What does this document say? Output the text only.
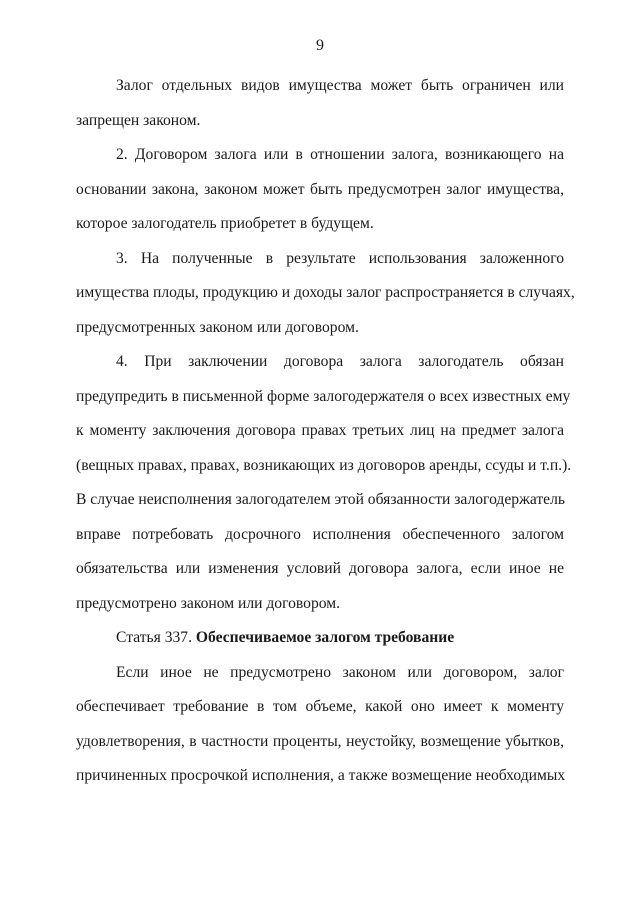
9
Залог отдельных видов имущества может быть ограничен или
запрещен законом.
2. Договором залога или в отношении залога, возникающего на
основании закона, законом может быть предусмотрен залог имущества,
которое залогодатель приобретет в будущем.
3. На полученные в результате использования заложенного
имущества плоды, продукцию и доходы залог распространяется в случаях,
предусмотренных законом или договором.
4. При заключении договора залога залогодатель обязан
предупредить в письменной форме залогодержателя о всех известных ему
к моменту заключения договора правах третьих лиц на предмет залога
(вещных правах, правах, возникающих из договоров аренды, ссуды и т.п.).
В случае неисполнения залогодателем этой обязанности залогодержатель
вправе потребовать досрочного исполнения обеспеченного залогом
обязательства или изменения условий договора залога, если иное не
предусмотрено законом или договором.
Статья 337. Обеспечиваемое залогом требование
Если иное не предусмотрено законом или договором, залог
обеспечивает требование в том объеме, какой оно имеет к моменту
удовлетворения, в частности проценты, неустойку, возмещение убытков,
причиненных просрочкой исполнения, а также возмещение необходимых
